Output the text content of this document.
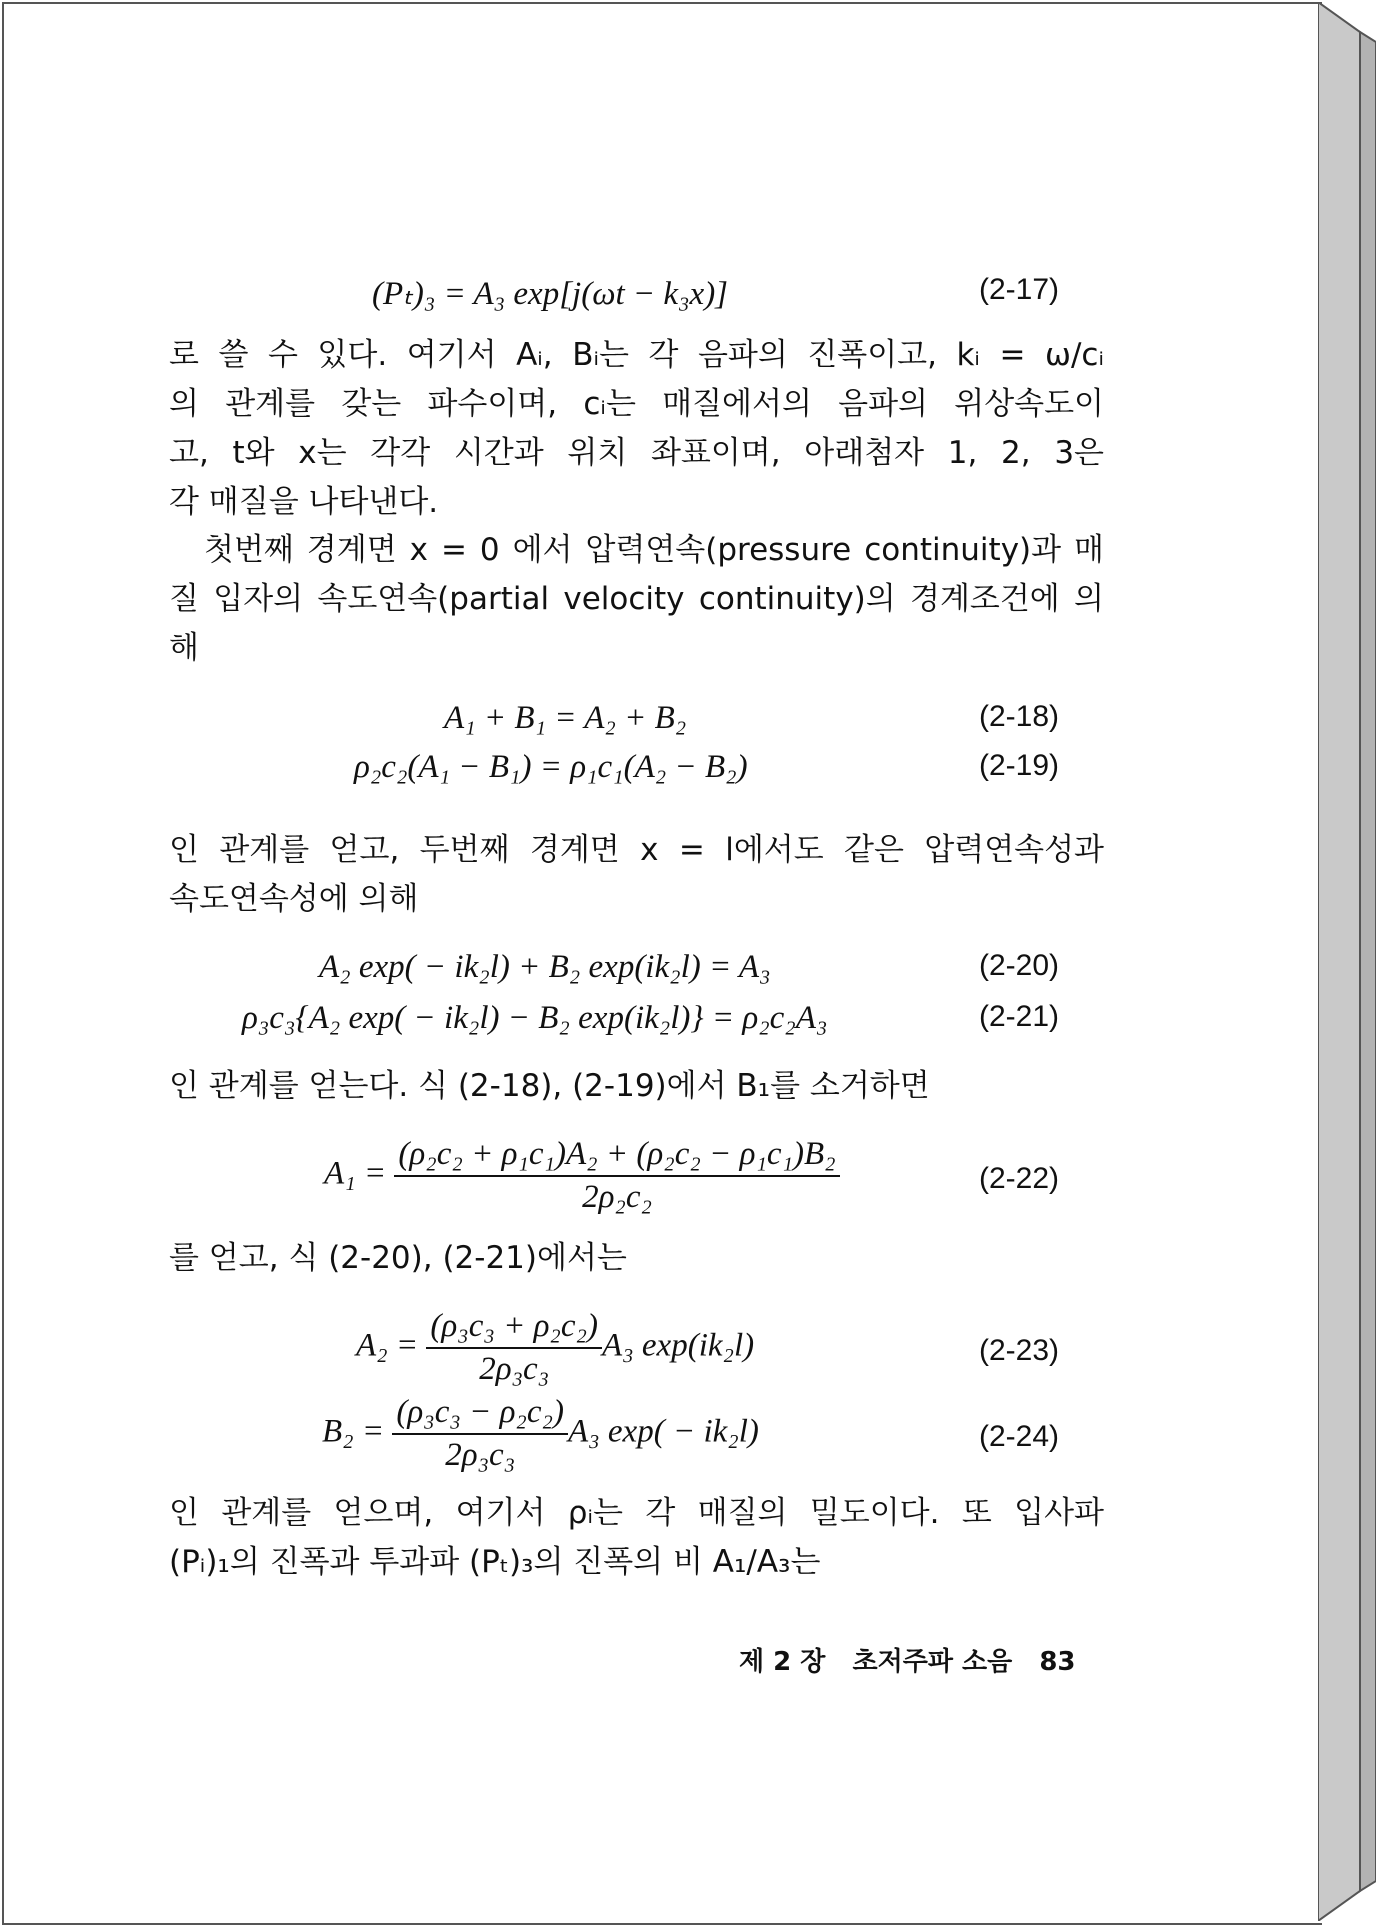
(Pₜ)₃ = A₃ exp[j(ωt − k₃x)]	(2-17)
로 쓸 수 있다. 여기서 Aᵢ, Bᵢ는 각 음파의 진폭이고, kᵢ = ω/cᵢ
의 관계를 갖는 파수이며, cᵢ는 매질에서의 음파의 위상속도이
고, t와 x는 각각 시간과 위치 좌표이며, 아래첨자 1, 2, 3은
각 매질을 나타낸다.
첫번째 경계면 x = 0 에서 압력연속(pressure continuity)과 매
질 입자의 속도연속(partial velocity continuity)의 경계조건에 의
해
A₁ + B₁ = A₂ + B₂	(2-18)
ρ₂c₂(A₁ − B₁) = ρ₁c₁(A₂ − B₂)	(2-19)
인 관계를 얻고, 두번째 경계면 x = l에서도 같은 압력연속성과
속도연속성에 의해
A₂ exp( − ik₂l) + B₂ exp(ik₂l) = A₃	(2-20)
ρ₃c₃{A₂ exp( − ik₂l) − B₂ exp(ik₂l)} = ρ₂c₂A₃	(2-21)
인 관계를 얻는다. 식 (2-18), (2-19)에서 B₁를 소거하면
$A_1 = \frac{\text{(ρ₂c₂ + ρ₁c₁)A₂ + (ρ₂c₂ − ρ₁c₁)B₂}}{\text{2ρ₂c₂}}$	(2-22)
를 얻고, 식 (2-20), (2-21)에서는
$A_2 = \frac{\text{(ρ₃c₃ + ρ₂c₂)}}{\text{2ρ₃c₃}} A_3$ exp(ik₂l)	(2-23)
$B_2 = \frac{\text{(ρ₃c₃ − ρ₂c₂)}}{\text{2ρ₃c₃}} A_3$ exp( − ik₂l)	(2-24)
인 관계를 얻으며, 여기서 ρᵢ는 각 매질의 밀도이다. 또 입사파
(Pᵢ)₁의 진폭과 투과파 (Pₜ)₃의 진폭의 비 A₁/A₃는
제 2 장 초저주파 소음 83
